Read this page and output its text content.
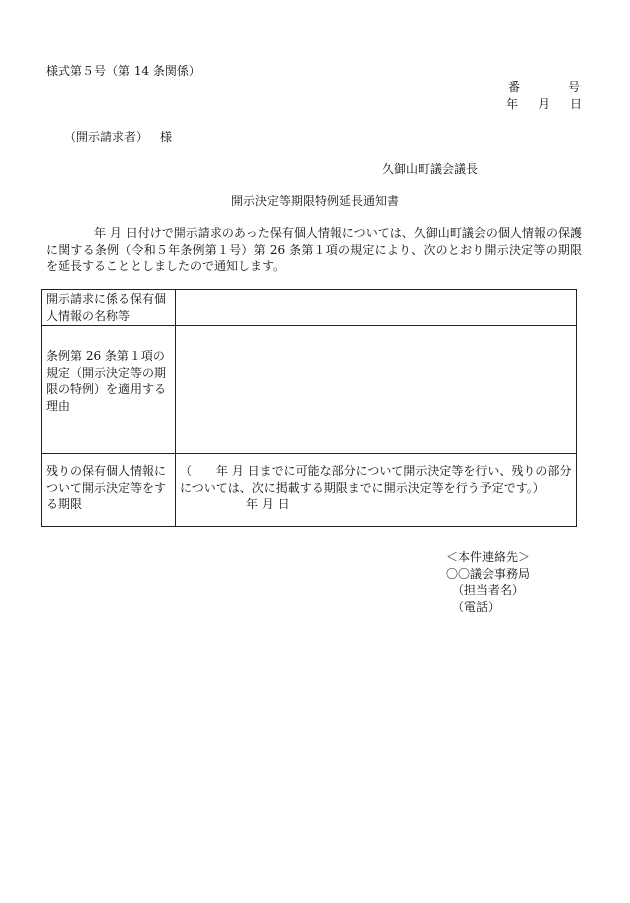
様式第５号（第 14 条関係）
番	号
年 月 日
（開示請求者） 様
久御山町議会議長
開示決定等期限特例延長通知書
年 月 日付けで開示請求のあった保有個人情報については、久御山町議会の個人情報の保護に関する条例（令和５年条例第１号）第 26 条第１項の規定により、次のとおり開示決定等の期限を延長することとしましたので通知します。
開示請求に係る保有個人情報の名称等	
条例第 26 条第１項の規定（開示決定等の期限の特例）を適用する理由	
残りの保有個人情報について開示決定等をする期限	（　　年 月 日までに可能な部分について開示決定等を行い、残りの部分については、次に掲載する期限までに開示決定等を行う予定です。）
年 月 日
＜本件連絡先＞
〇〇議会事務局
（担当者名）
（電話）
